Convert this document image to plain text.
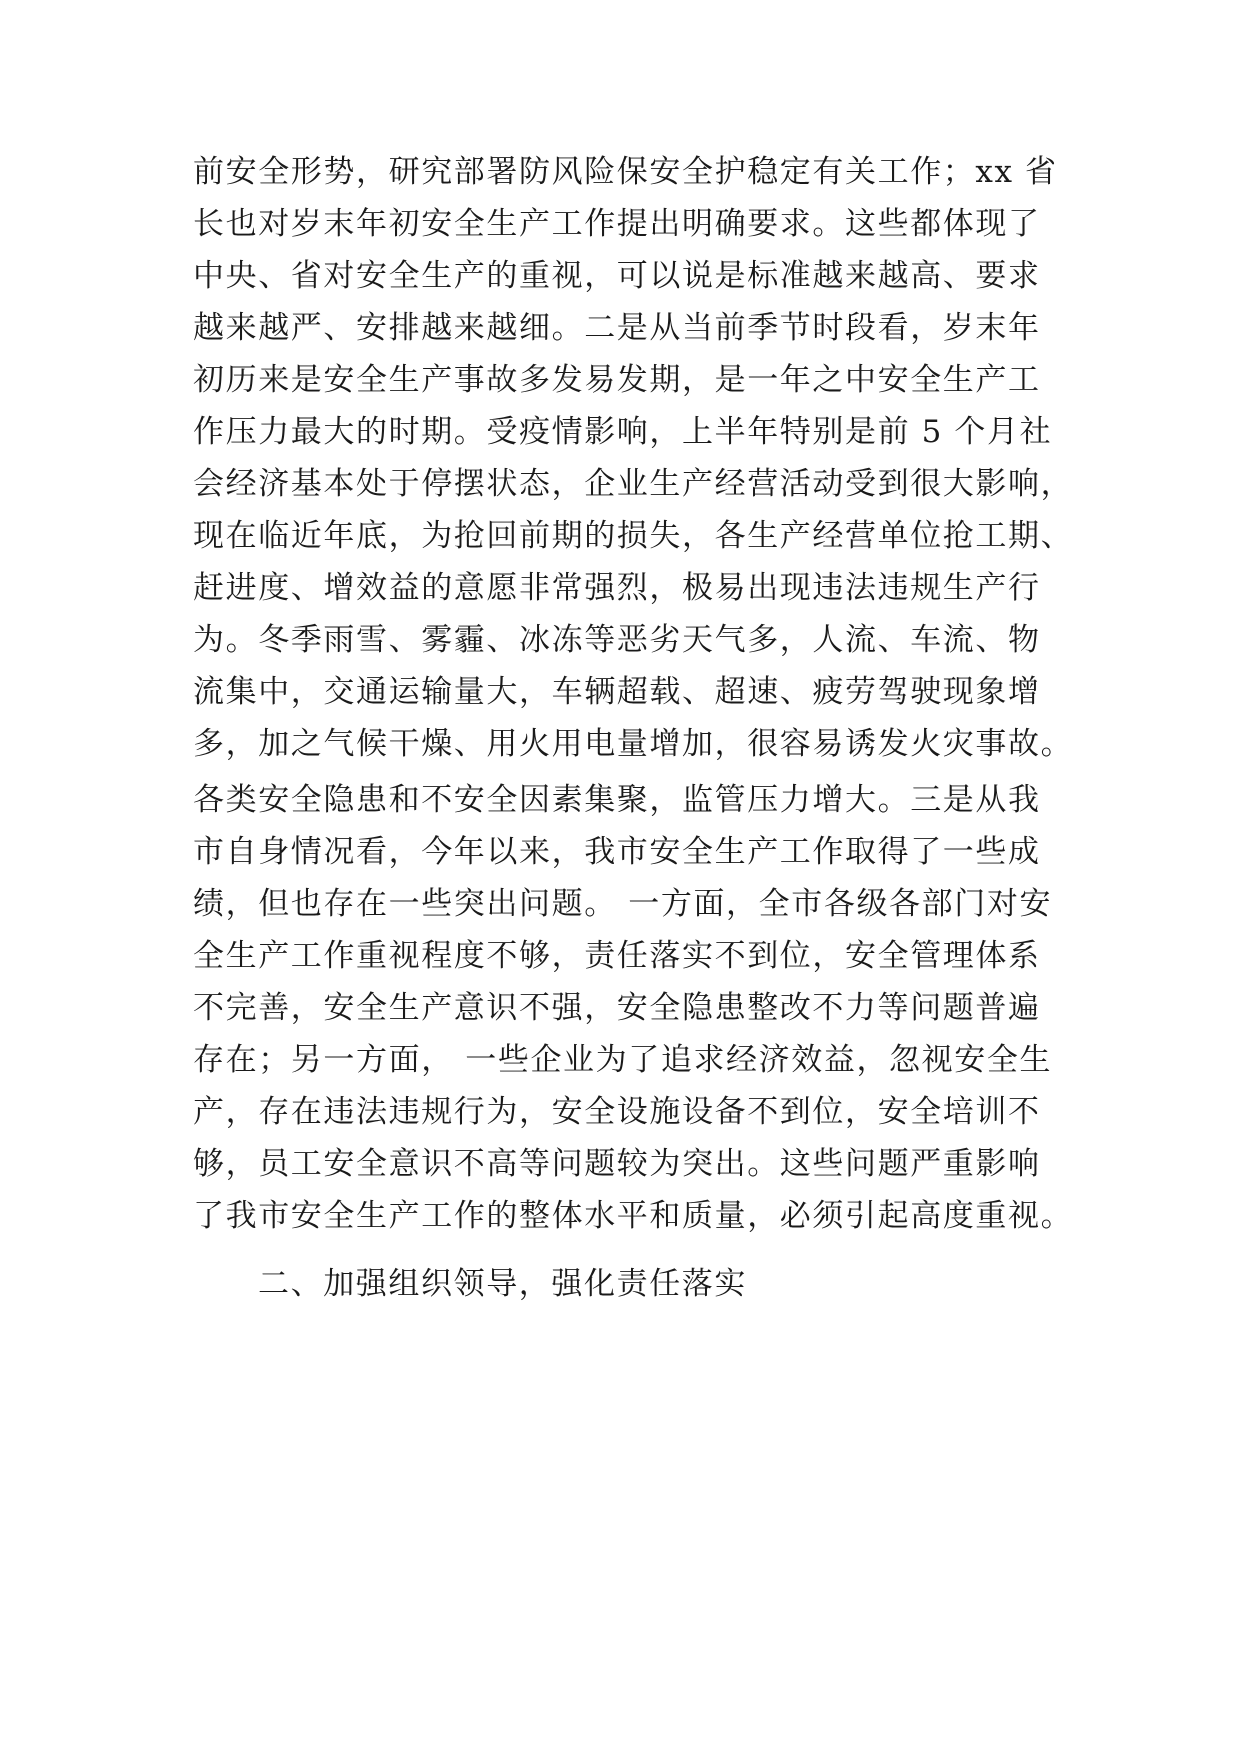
前安全形势，研究部署防风险保安全护稳定有关工作；xx 省
长也对岁末年初安全生产工作提出明确要求。这些都体现了
中央、省对安全生产的重视，可以说是标准越来越高、要求
越来越严、安排越来越细。二是从当前季节时段看，岁末年
初历来是安全生产事故多发易发期，是一年之中安全生产工
作压力最大的时期。受疫情影响，上半年特别是前 5 个月社
会经济基本处于停摆状态，企业生产经营活动受到很大影响，
现在临近年底，为抢回前期的损失，各生产经营单位抢工期、
赶进度、增效益的意愿非常强烈，极易出现违法违规生产行
为。冬季雨雪、雾霾、冰冻等恶劣天气多，人流、车流、物
流集中，交通运输量大，车辆超载、超速、疲劳驾驶现象增
多，加之气候干燥、用火用电量增加，很容易诱发火灾事故。
各类安全隐患和不安全因素集聚，监管压力增大。三是从我
市自身情况看，今年以来，我市安全生产工作取得了一些成
绩，但也存在一些突出问题。 一方面，全市各级各部门对安
全生产工作重视程度不够，责任落实不到位，安全管理体系
不完善，安全生产意识不强，安全隐患整改不力等问题普遍
存在；另一方面， 一些企业为了追求经济效益，忽视安全生
产，存在违法违规行为，安全设施设备不到位，安全培训不
够，员工安全意识不高等问题较为突出。这些问题严重影响
了我市安全生产工作的整体水平和质量，必须引起高度重视。
二、加强组织领导，强化责任落实
